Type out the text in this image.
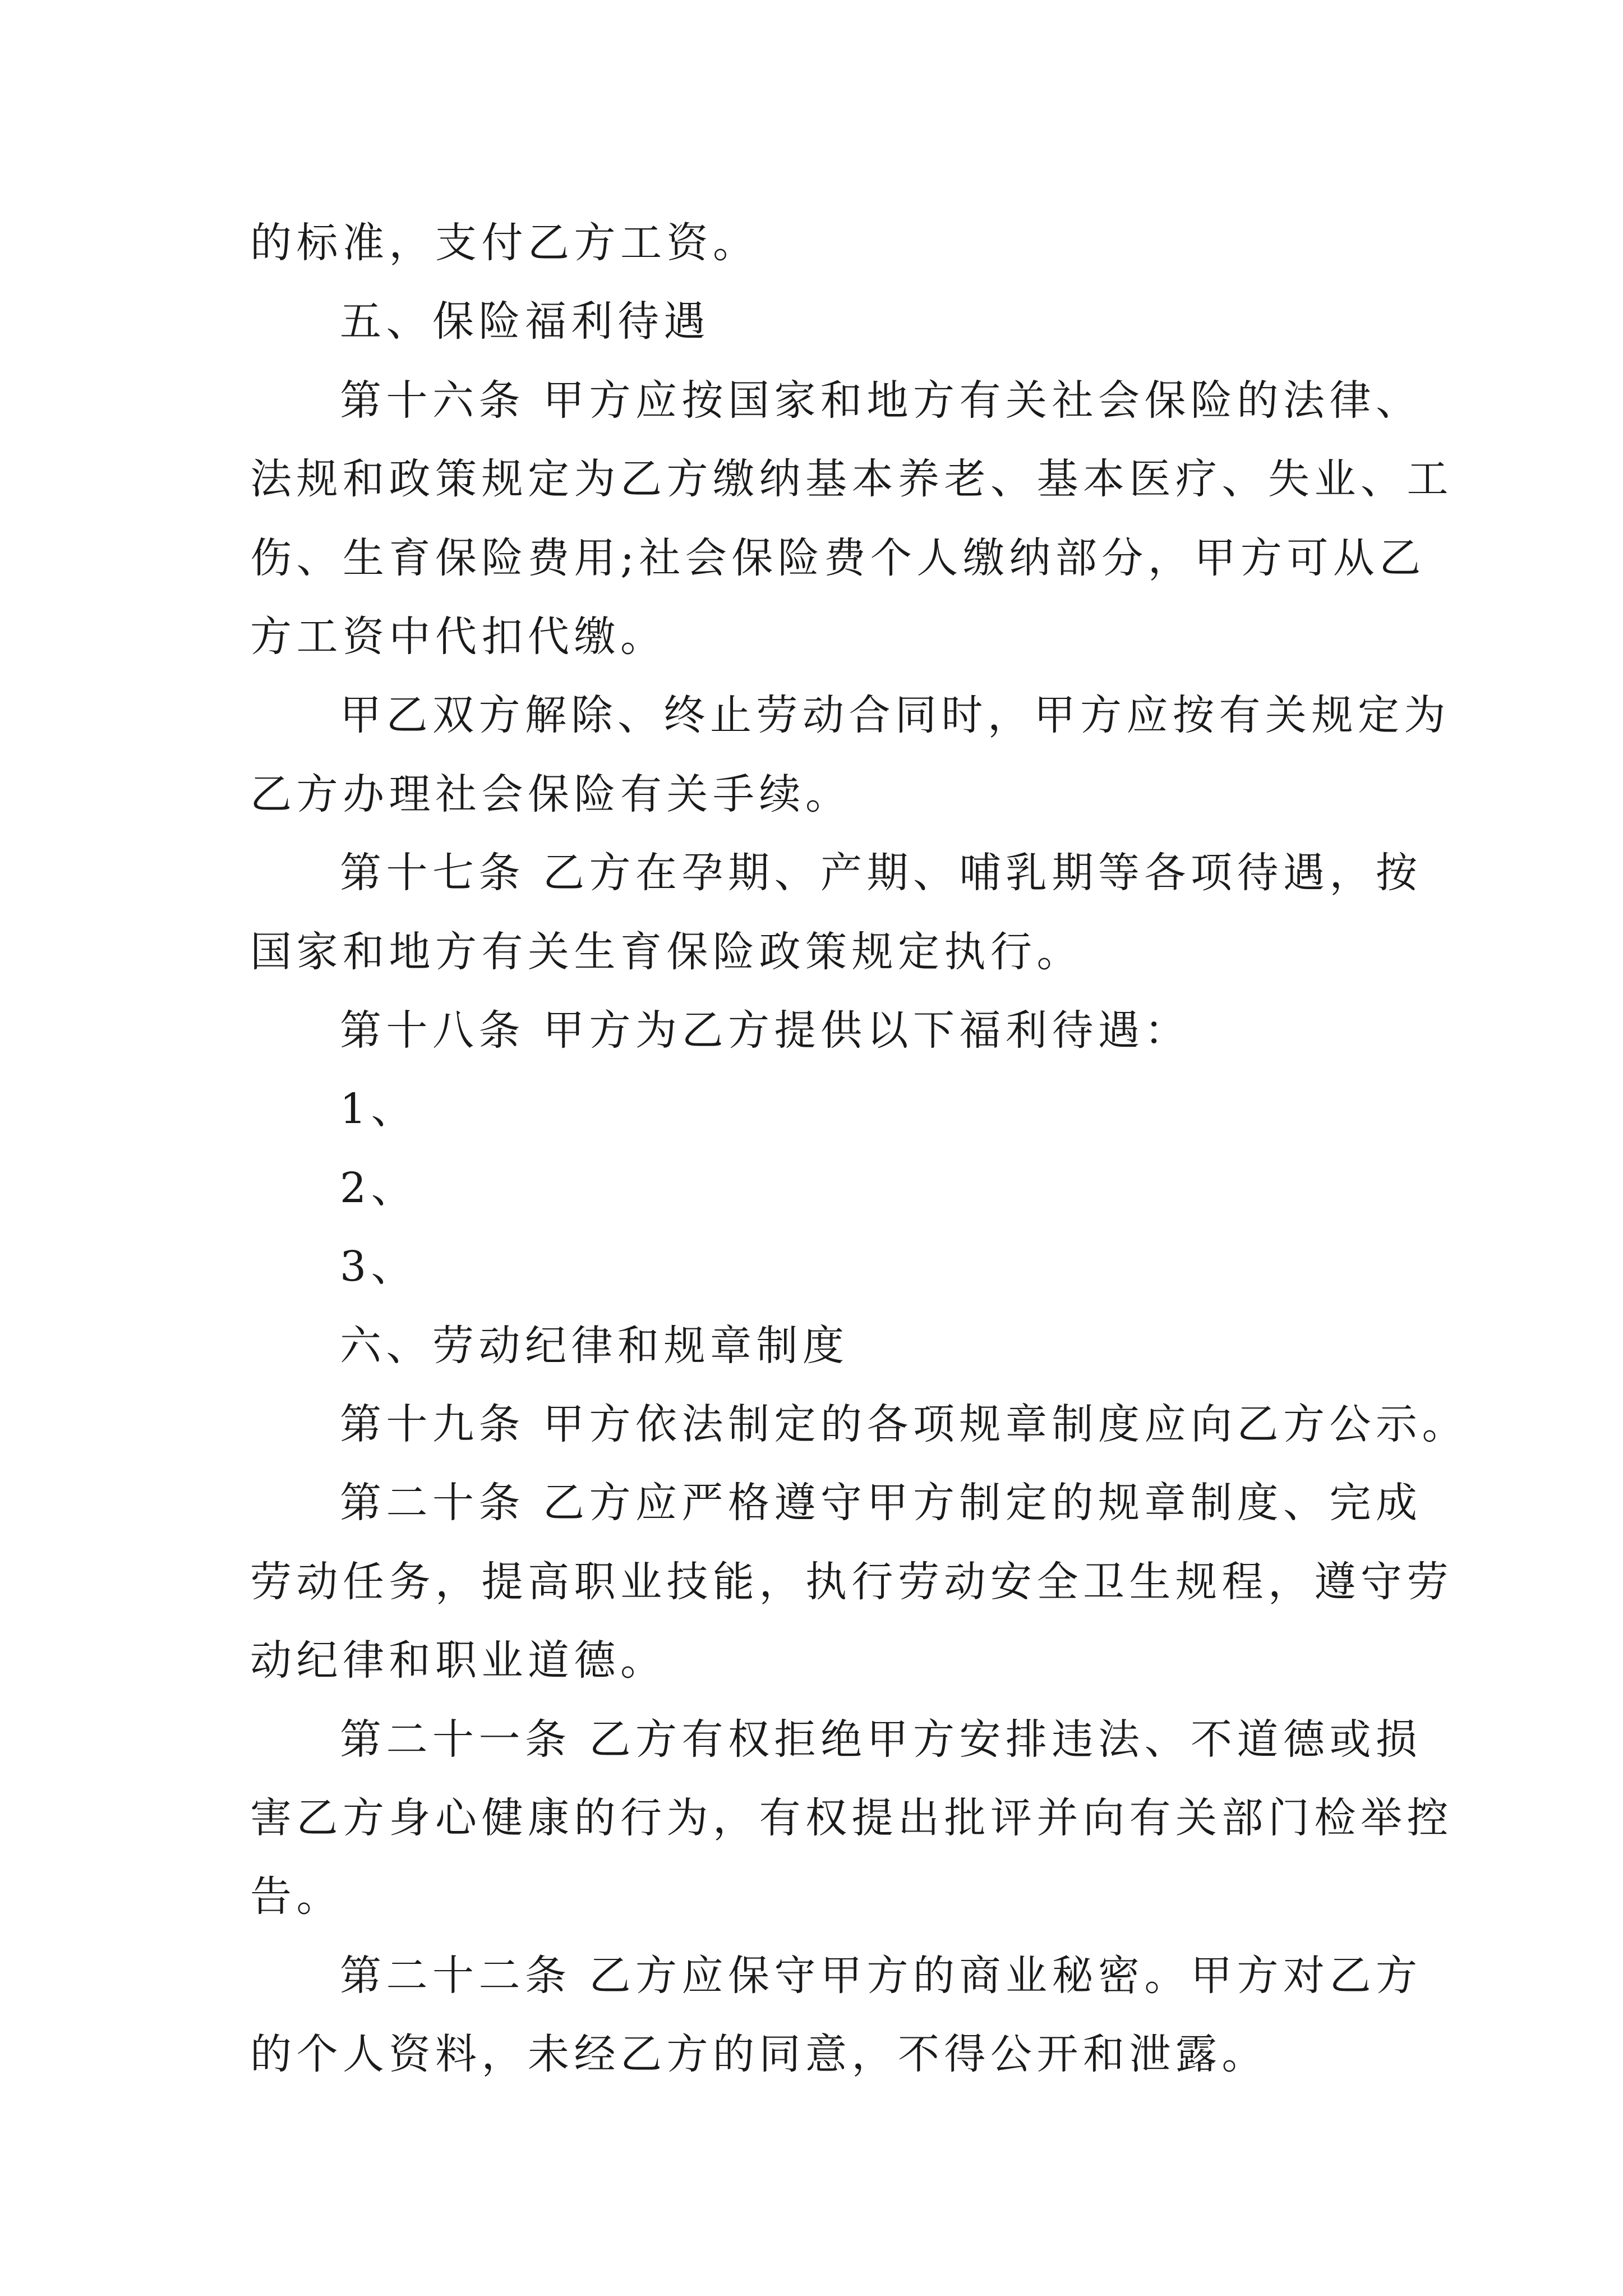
的标准，支付乙方工资。
五、保险福利待遇
第十六条 甲方应按国家和地方有关社会保险的法律、
法规和政策规定为乙方缴纳基本养老、基本医疗、失业、工
伤、生育保险费用;社会保险费个人缴纳部分，甲方可从乙
方工资中代扣代缴。
甲乙双方解除、终止劳动合同时，甲方应按有关规定为
乙方办理社会保险有关手续。
第十七条 乙方在孕期、产期、哺乳期等各项待遇，按
国家和地方有关生育保险政策规定执行。
第十八条 甲方为乙方提供以下福利待遇：
1、
2、
3、
六、劳动纪律和规章制度
第十九条 甲方依法制定的各项规章制度应向乙方公示。
第二十条 乙方应严格遵守甲方制定的规章制度、完成
劳动任务，提高职业技能，执行劳动安全卫生规程，遵守劳
动纪律和职业道德。
第二十一条 乙方有权拒绝甲方安排违法、不道德或损
害乙方身心健康的行为，有权提出批评并向有关部门检举控
告。
第二十二条 乙方应保守甲方的商业秘密。甲方对乙方
的个人资料，未经乙方的同意，不得公开和泄露。
